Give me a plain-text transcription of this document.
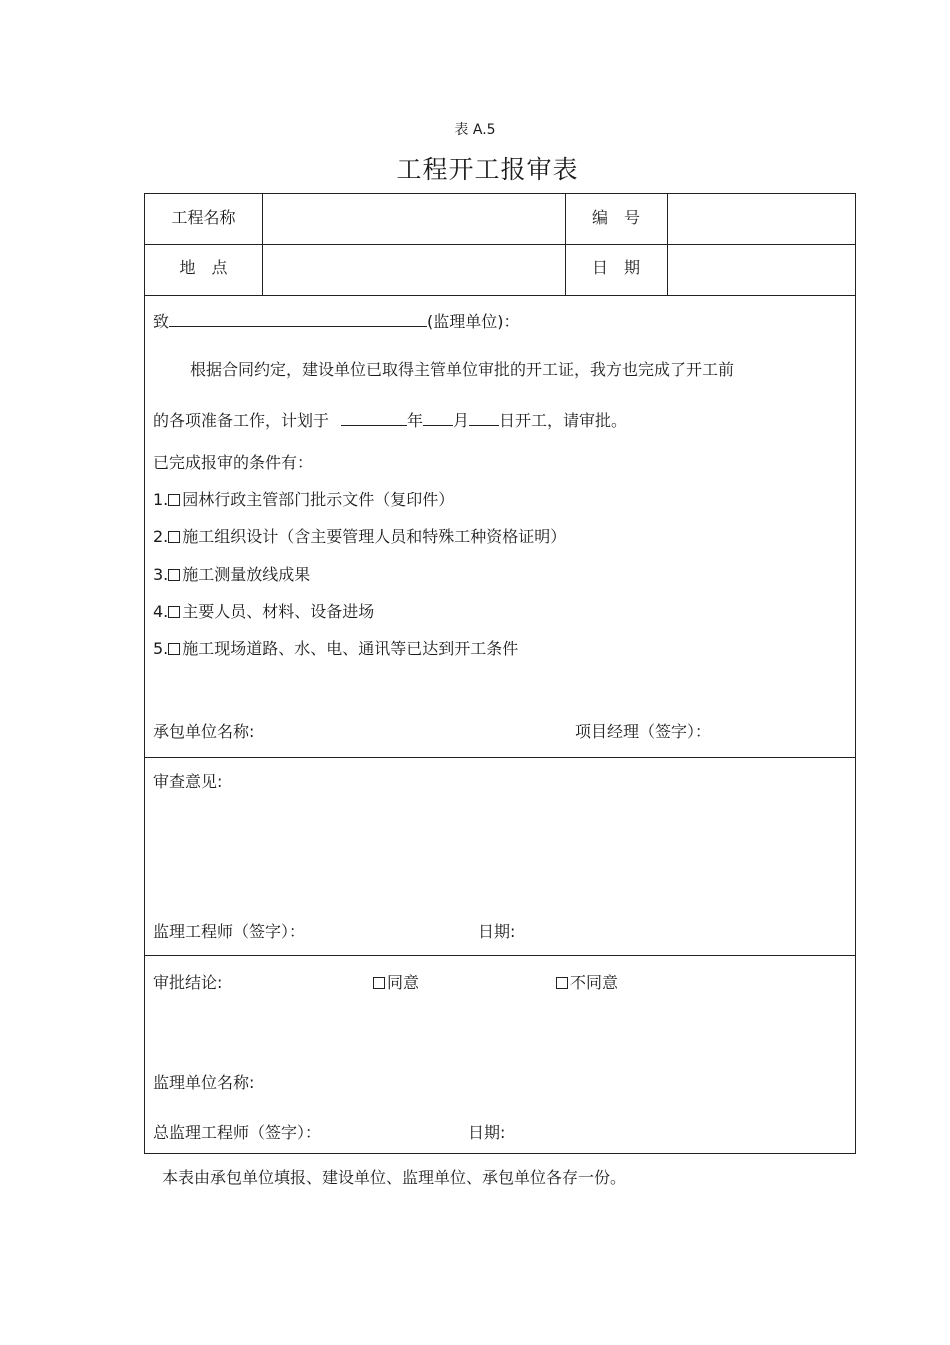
表 A.5
工程开工报审表
工程名称	编　号
地　点	日　期
致	(监理单位)：
根据合同约定，建设单位已取得主管单位审批的开工证，我方也完成了开工前
的各项准备工作，计划于	年 月 日开工，请审批。
已完成报审的条件有：
1. 园林行政主管部门批示文件（复印件）
2. 施工组织设计（含主要管理人员和特殊工种资格证明）
3. 施工测量放线成果
4. 主要人员、材料、设备进场
5. 施工现场道路、水、电、通讯等已达到开工条件
承包单位名称:	项目经理（签字）：
审查意见:
监理工程师（签字）：	日期:
审批结论:	同意	不同意
监理单位名称:
总监理工程师（签字）：	日期:
本表由承包单位填报、建设单位、监理单位、承包单位各存一份。
